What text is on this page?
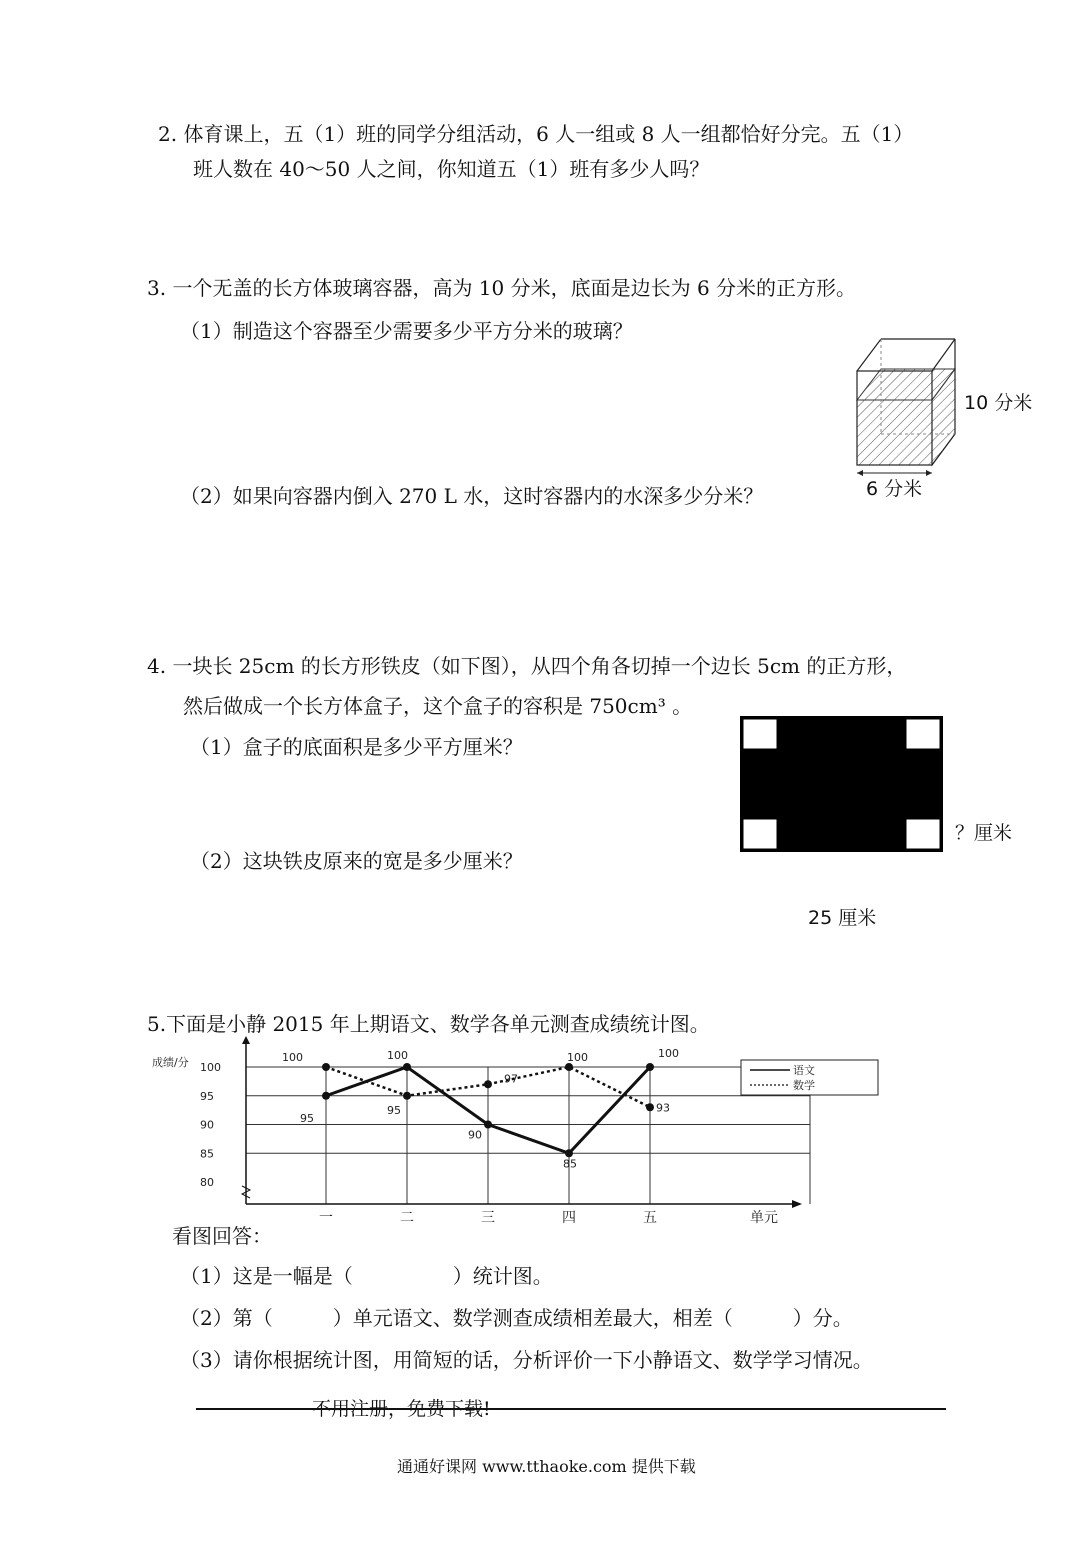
2. 体育课上，五（1）班的同学分组活动，6 人一组或 8 人一组都恰好分完。五（1）
班人数在 40～50 人之间，你知道五（1）班有多少人吗？
3. 一个无盖的长方体玻璃容器，高为 10 分米，底面是边长为 6 分米的正方形。
（1）制造这个容器至少需要多少平方分米的玻璃？
（2）如果向容器内倒入 270 L 水，这时容器内的水深多少分米？
10 分米
6 分米
4. 一块长 25cm 的长方形铁皮（如下图），从四个角各切掉一个边长 5cm 的正方形，
然后做成一个长方体盒子，这个盒子的容积是 750cm³ 。
（1）盒子的底面积是多少平方厘米？
（2）这块铁皮原来的宽是多少厘米？
？厘米
25 厘米
5.下面是小静 2015 年上期语文、数学各单元测查成绩统计图。
100
95
90
85
80
成绩/分
一	二	三	四	五	单元
95
100
90
85
100
100
95
97
100
93
语文
数学
看图回答：
（1）这是一幅是（　　　　　）统计图。
（2）第（　　　）单元语文、数学测查成绩相差最大，相差（　　　）分。
（3）请你根据统计图，用简短的话，分析评价一下小静语文、数学学习情况。
不用注册，免费下载!
通通好课网 www.tthaoke.com 提供下载
